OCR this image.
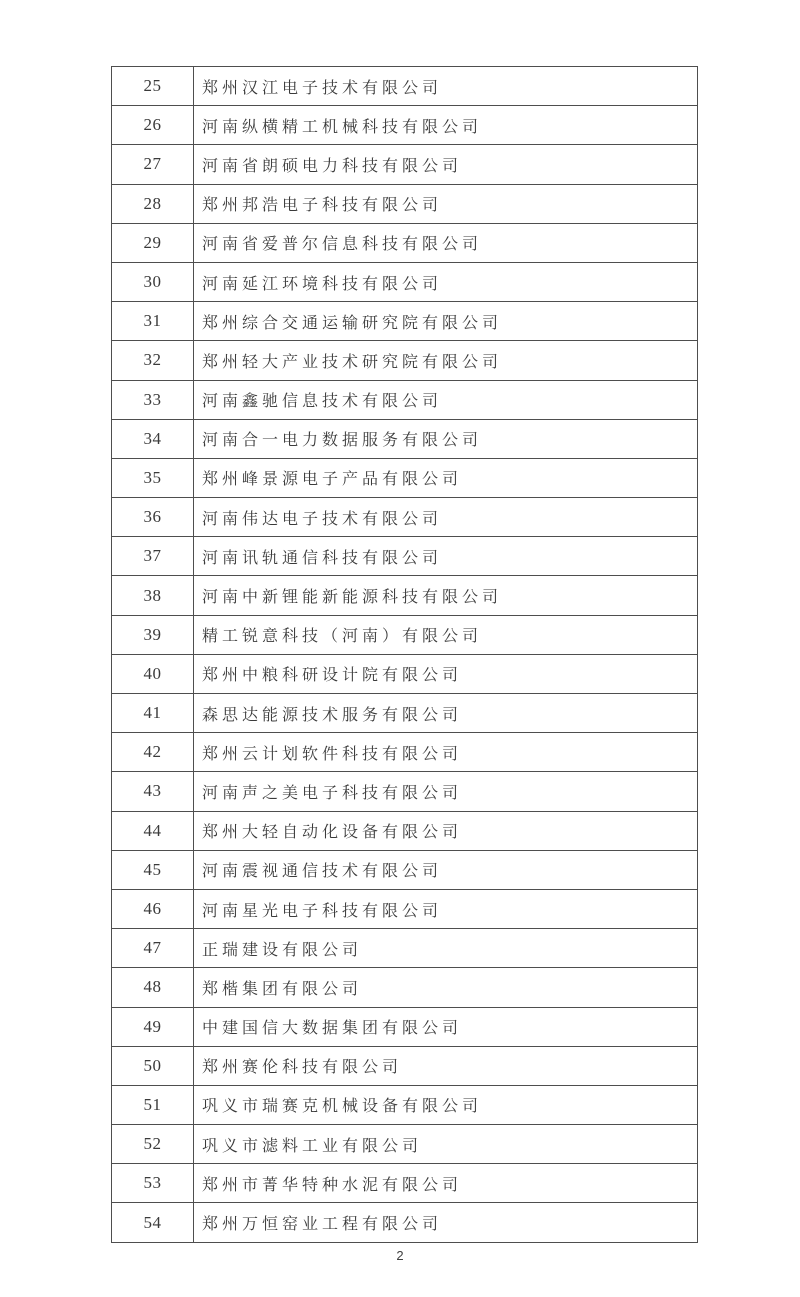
25	郑州汉江电子技术有限公司
26	河南纵横精工机械科技有限公司
27	河南省朗硕电力科技有限公司
28	郑州邦浩电子科技有限公司
29	河南省爱普尔信息科技有限公司
30	河南延江环境科技有限公司
31	郑州综合交通运输研究院有限公司
32	郑州轻大产业技术研究院有限公司
33	河南鑫驰信息技术有限公司
34	河南合一电力数据服务有限公司
35	郑州峰景源电子产品有限公司
36	河南伟达电子技术有限公司
37	河南讯轨通信科技有限公司
38	河南中新锂能新能源科技有限公司
39	精工锐意科技（河南）有限公司
40	郑州中粮科研设计院有限公司
41	森思达能源技术服务有限公司
42	郑州云计划软件科技有限公司
43	河南声之美电子科技有限公司
44	郑州大轻自动化设备有限公司
45	河南震视通信技术有限公司
46	河南星光电子科技有限公司
47	正瑞建设有限公司
48	郑楷集团有限公司
49	中建国信大数据集团有限公司
50	郑州赛伦科技有限公司
51	巩义市瑞赛克机械设备有限公司
52	巩义市滤料工业有限公司
53	郑州市菁华特种水泥有限公司
54	郑州万恒窑业工程有限公司
2
